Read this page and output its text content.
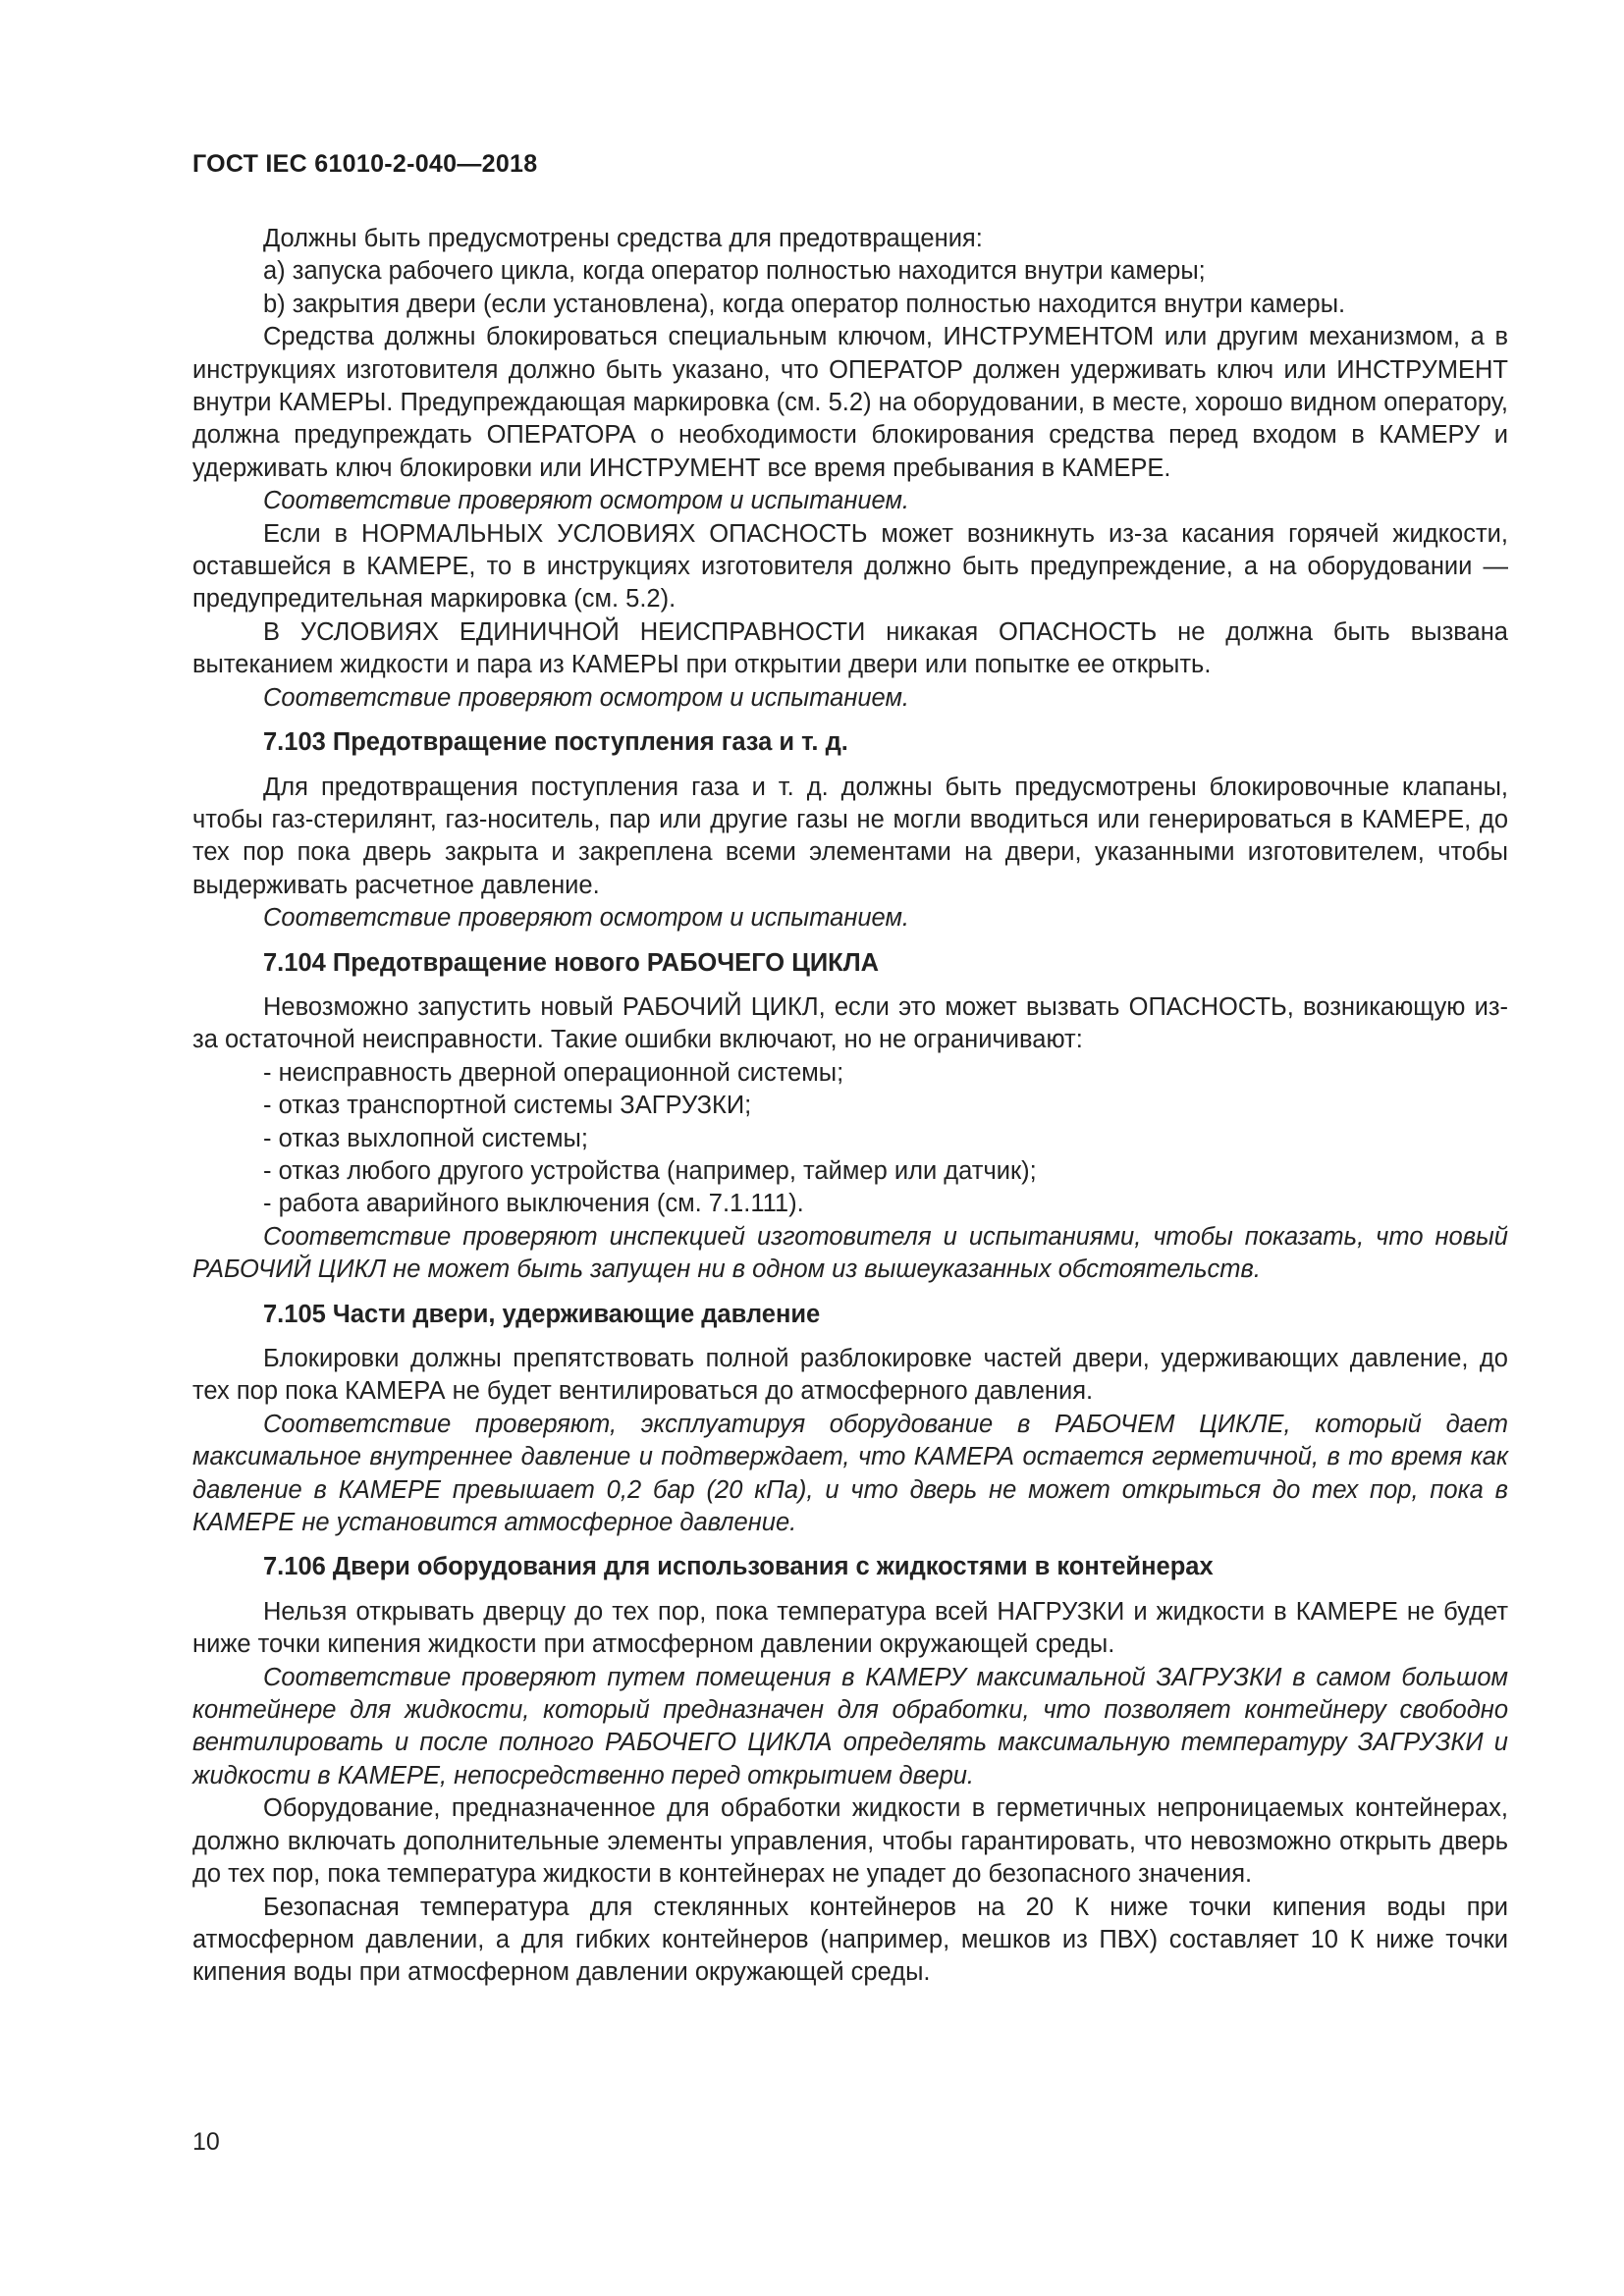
ГОСТ IEC 61010-2-040—2018

Должны быть предусмотрены средства для предотвращения:

a) запуска рабочего цикла, когда оператор полностью находится внутри камеры;

b) закрытия двери (если установлена), когда оператор полностью находится внутри камеры.

Средства должны блокироваться специальным ключом, ИНСТРУМЕНТОМ или другим механизмом, а в инструкциях изготовителя должно быть указано, что ОПЕРАТОР должен удерживать ключ или ИНСТРУМЕНТ внутри КАМЕРЫ. Предупреждающая маркировка (см. 5.2) на оборудовании, в месте, хорошо видном оператору, должна предупреждать ОПЕРАТОРА о необходимости блокирования средства перед входом в КАМЕРУ и удерживать ключ блокировки или ИНСТРУМЕНТ все время пребывания в КАМЕРЕ.

Соответствие проверяют осмотром и испытанием.

Если в НОРМАЛЬНЫХ УСЛОВИЯХ ОПАСНОСТЬ может возникнуть из-за касания горячей жидкости, оставшейся в КАМЕРЕ, то в инструкциях изготовителя должно быть предупреждение, а на оборудовании — предупредительная маркировка (см. 5.2).

В УСЛОВИЯХ ЕДИНИЧНОЙ НЕИСПРАВНОСТИ никакая ОПАСНОСТЬ не должна быть вызвана вытеканием жидкости и пара из КАМЕРЫ при открытии двери или попытке ее открыть.

Соответствие проверяют осмотром и испытанием.

7.103 Предотвращение поступления газа и т. д.

Для предотвращения поступления газа и т. д. должны быть предусмотрены блокировочные клапаны, чтобы газ-стерилянт, газ-носитель, пар или другие газы не могли вводиться или генерироваться в КАМЕРЕ, до тех пор пока дверь закрыта и закреплена всеми элементами на двери, указанными изготовителем, чтобы выдерживать расчетное давление.

Соответствие проверяют осмотром и испытанием.

7.104 Предотвращение нового РАБОЧЕГО ЦИКЛА

Невозможно запустить новый РАБОЧИЙ ЦИКЛ, если это может вызвать ОПАСНОСТЬ, возникающую из-за остаточной неисправности. Такие ошибки включают, но не ограничивают:

- неисправность дверной операционной системы;

- отказ транспортной системы ЗАГРУЗКИ;

- отказ выхлопной системы;

- отказ любого другого устройства (например, таймер или датчик);

- работа аварийного выключения (см. 7.1.111).

Соответствие проверяют инспекцией изготовителя и испытаниями, чтобы показать, что новый РАБОЧИЙ ЦИКЛ не может быть запущен ни в одном из вышеуказанных обстоятельств.

7.105 Части двери, удерживающие давление

Блокировки должны препятствовать полной разблокировке частей двери, удерживающих давление, до тех пор пока КАМЕРА не будет вентилироваться до атмосферного давления.

Соответствие проверяют, эксплуатируя оборудование в РАБОЧЕМ ЦИКЛЕ, который дает максимальное внутреннее давление и подтверждает, что КАМЕРА остается герметичной, в то время как давление в КАМЕРЕ превышает 0,2 бар (20 кПа), и что дверь не может открыться до тех пор, пока в КАМЕРЕ не установится атмосферное давление.

7.106 Двери оборудования для использования с жидкостями в контейнерах

Нельзя открывать дверцу до тех пор, пока температура всей НАГРУЗКИ и жидкости в КАМЕРЕ не будет ниже точки кипения жидкости при атмосферном давлении окружающей среды.

Соответствие проверяют путем помещения в КАМЕРУ максимальной ЗАГРУЗКИ в самом большом контейнере для жидкости, который предназначен для обработки, что позволяет контейнеру свободно вентилировать и после полного РАБОЧЕГО ЦИКЛА определять максимальную температуру ЗАГРУЗКИ и жидкости в КАМЕРЕ, непосредственно перед открытием двери.

Оборудование, предназначенное для обработки жидкости в герметичных непроницаемых контейнерах, должно включать дополнительные элементы управления, чтобы гарантировать, что невозможно открыть дверь до тех пор, пока температура жидкости в контейнерах не упадет до безопасного значения.

Безопасная температура для стеклянных контейнеров на 20 К ниже точки кипения воды при атмосферном давлении, а для гибких контейнеров (например, мешков из ПВХ) составляет 10 К ниже точки кипения воды при атмосферном давлении окружающей среды.

10
